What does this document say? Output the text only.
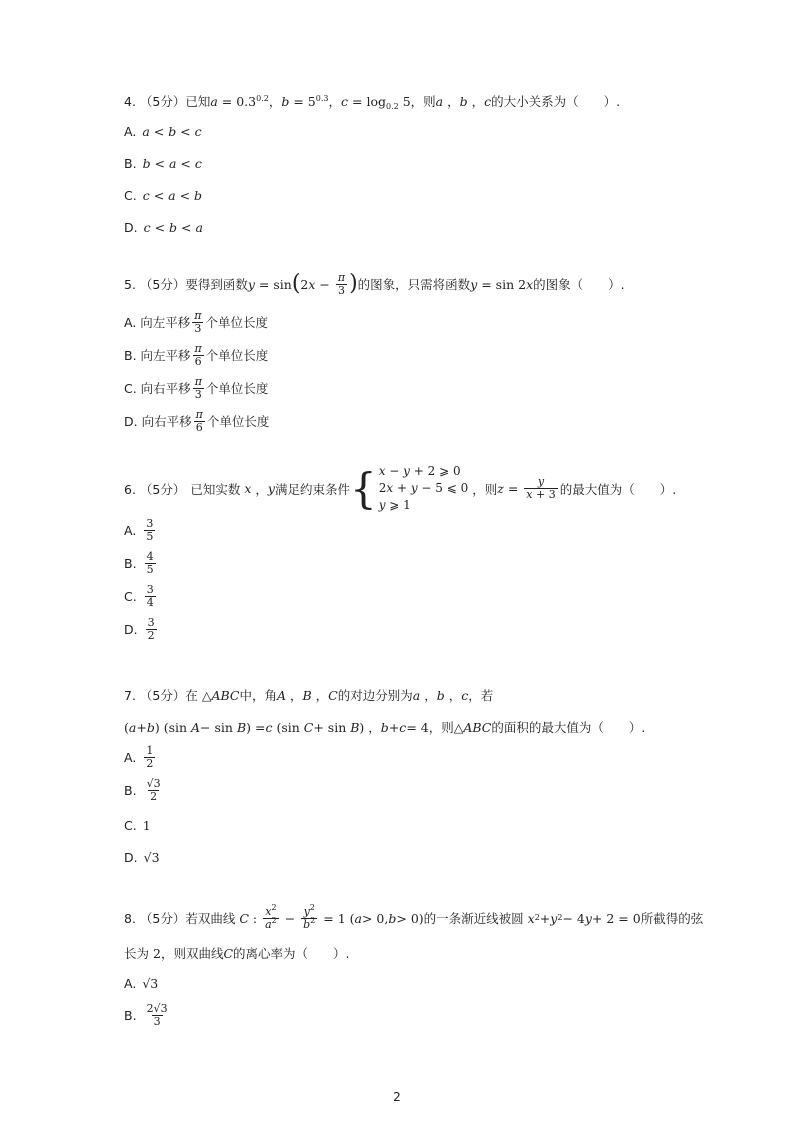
4. （5分）已知 $a = 0.3^{0.2}$ ， $b = 5^{0.3}$ ， $c = \log_{0.2} 5$ ，则 a ， b ， c 的大小关系为（　　）.
A. a < b < c
B. b < a < c
C. c < a < b
D. c < b < a
5. （5分）要得到函数 y = sin ( 2 $x - \frac{\pi}{3}$ ) 的图象，只需将函数 y = sin 2 x 的图象（　　）.
A. 向左平移 $\frac{\pi}{3}$ 个单位长度
B. 向左平移 $\frac{\pi}{6}$ 个单位长度
C. 向右平移 $\frac{\pi}{3}$ 个单位长度
D. 向右平移 $\frac{\pi}{6}$ 个单位长度
6. （5分） 已知实数 x ， y 满足约束条件 { x − y + 2 ⩾ 0
2x + y − 5 ⩽ 0
y ⩾ 1
，则 $z = \frac{y}{x + 3}$ 的最大值为（　　）.
A. $\frac{3}{5}$
B. $\frac{4}{5}$
C. $\frac{3}{4}$
D. $\frac{3}{2}$
7. （5分）在 △ ABC 中，角 A ， B ， C 的对边分别为 a ， b ， c ，若
( a + b ) (sin A − sin B ) = c (sin C + sin B ) ， b + c = 4 ，则 △ ABC 的面积的最大值为（　　）.
A. $\frac{1}{2}$
B. $\frac{√3}{2}$
C. 1
D. √3
8. （5分）若双曲线 C : $\frac{x^2}{a^2} - \frac{y^2}{b^2} = 1$ ( a > 0, b > 0) 的一条渐近线被圆 x 2 + y 2 − 4 y + 2 = 0 所截得的弦
长为 2 ，则双曲线 C 的离心率为（　　）.
A. √3
B. $\frac{2√3}{3}$
2
